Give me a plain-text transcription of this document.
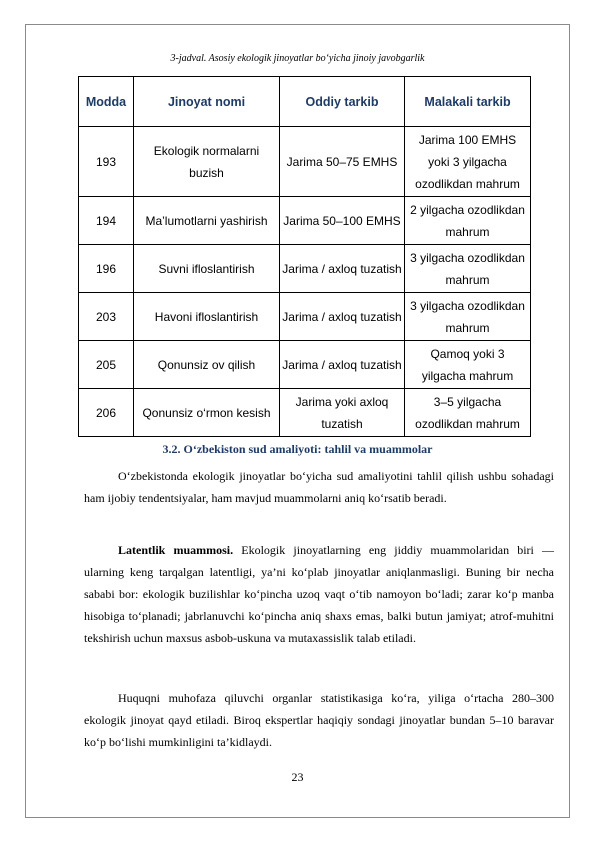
3-jadval. Asosiy ekologik jinoyatlar bo‘yicha jinoiy javobgarlik
Modda	Jinoyat nomi	Oddiy tarkib	Malakali tarkib
193	Ekologik normalarni buzish	Jarima 50–75 EMHS	Jarima 100 EMHS yoki 3 yilgacha ozodlikdan mahrum
194	Ma’lumotlarni yashirish	Jarima 50–100 EMHS	2 yilgacha ozodlikdan mahrum
196	Suvni ifloslantirish	Jarima / axloq tuzatish	3 yilgacha ozodlikdan mahrum
203	Havoni ifloslantirish	Jarima / axloq tuzatish	3 yilgacha ozodlikdan mahrum
205	Qonunsiz ov qilish	Jarima / axloq tuzatish	Qamoq yoki 3 yilgacha mahrum
206	Qonunsiz o‘rmon kesish	Jarima yoki axloq tuzatish	3–5 yilgacha ozodlikdan mahrum
3.2. O‘zbekiston sud amaliyoti: tahlil va muammolar

O‘zbekistonda ekologik jinoyatlar bo‘yicha sud amaliyotini tahlil qilish ushbu sohadagi ham ijobiy tendentsiyalar, ham mavjud muammolarni aniq ko‘rsatib beradi.

Latentlik muammosi. Ekologik jinoyatlarning eng jiddiy muammolaridan biri — ularning keng tarqalgan latentligi, ya’ni ko‘plab jinoyatlar aniqlanmasligi. Buning bir necha sababi bor: ekologik buzilishlar ko‘pincha uzoq vaqt o‘tib namoyon bo‘ladi; zarar ko‘p manba hisobiga to‘planadi; jabrlanuvchi ko‘pincha aniq shaxs emas, balki butun jamiyat; atrof-muhitni tekshirish uchun maxsus asbob-uskuna va mutaxassislik talab etiladi.

Huquqni muhofaza qiluvchi organlar statistikasiga ko‘ra, yiliga o‘rtacha 280–300 ekologik jinoyat qayd etiladi. Biroq ekspertlar haqiqiy sondagi jinoyatlar bundan 5–10 baravar ko‘p bo‘lishi mumkinligini ta’kidlaydi.

23
